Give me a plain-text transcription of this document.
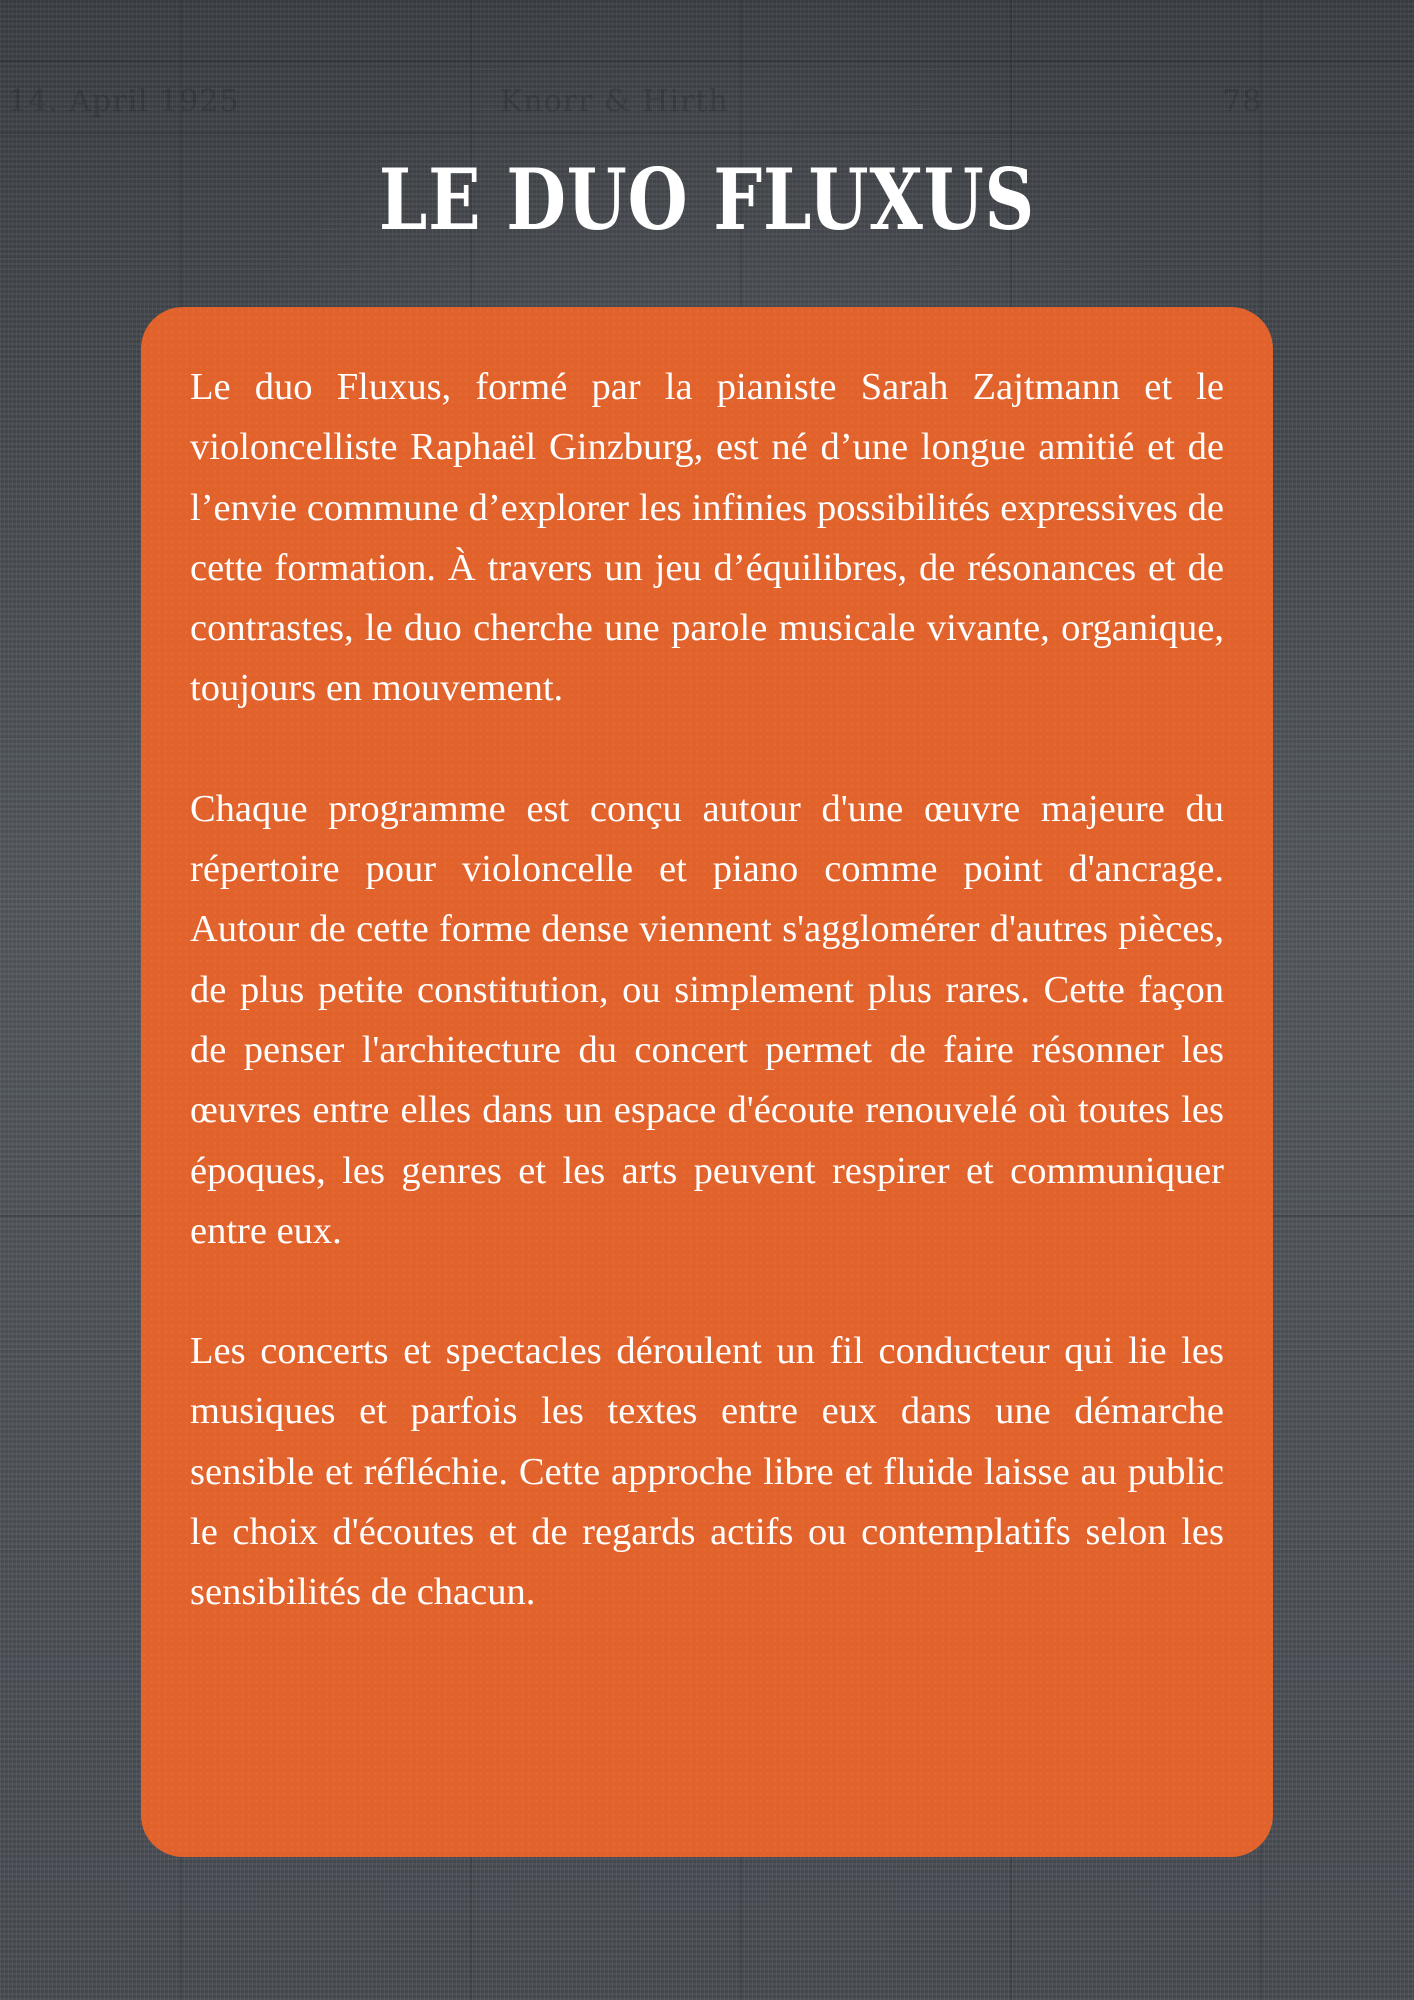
14. April 1925	Knorr & Hirth	78
LE DUO FLUXUS

Le duo Fluxus, formé par la pianiste Sarah Zajtmann et le violoncelliste Raphaël Ginzburg, est né d’une longue amitié et de l’envie commune d’explorer les infinies possibilités expressives de cette formation. À travers un jeu d’équilibres, de résonances et de contrastes, le duo cherche une parole musicale vivante, organique, toujours en mouvement.

Chaque programme est conçu autour d'une œuvre majeure du répertoire pour violoncelle et piano comme point d'ancrage. Autour de cette forme dense viennent s'agglomérer d'autres pièces, de plus petite constitution, ou simplement plus rares. Cette façon de penser l'architecture du concert permet de faire résonner les œuvres entre elles dans un espace d'écoute renouvelé où toutes les époques, les genres et les arts peuvent respirer et communiquer entre eux.

Les concerts et spectacles déroulent un fil conducteur qui lie les musiques et parfois les textes entre eux dans une démarche sensible et réfléchie. Cette approche libre et fluide laisse au public le choix d'écoutes et de regards actifs ou contemplatifs selon les sensibilités de chacun.
